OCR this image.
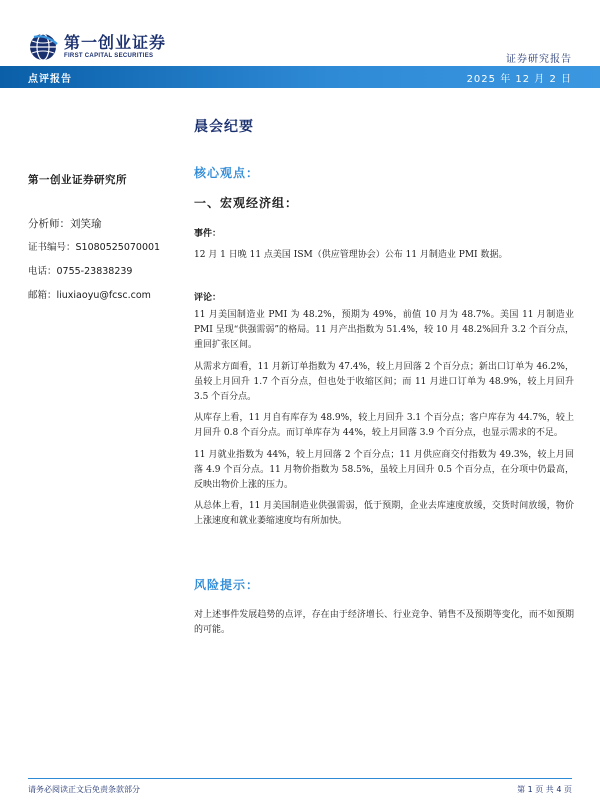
第一创业证券
FIRST CAPITAL SECURITIES	证券研究报告
点评报告	2025 年 12 月 2 日
第一创业证券研究所
分析师：刘笑瑜
证书编号：S1080525070001
电话：0755-23838239
邮箱：liuxiaoyu@fcsc.com
晨会纪要
核心观点：
一、宏观经济组：
事件：
12 月 1 日晚 11 点美国 ISM（供应管理协会）公布 11 月制造业 PMI 数据。
评论：

11 月美国制造业 PMI 为 48.2%，预期为 49%，前值 10 月为 48.7%。美国 11 月制造业 PMI 呈现“供强需弱”的格局。11 月产出指数为 51.4%，较 10 月 48.2%回升 3.2 个百分点，重回扩张区间。

从需求方面看，11 月新订单指数为 47.4%，较上月回落 2 个百分点；新出口订单为 46.2%，虽较上月回升 1.7 个百分点，但也处于收缩区间；而 11 月进口订单为 48.9%，较上月回升 3.5 个百分点。

从库存上看，11 月自有库存为 48.9%，较上月回升 3.1 个百分点；客户库存为 44.7%，较上月回升 0.8 个百分点。而订单库存为 44%，较上月回落 3.9 个百分点，也显示需求的不足。

11 月就业指数为 44%，较上月回落 2 个百分点；11 月供应商交付指数为 49.3%，较上月回落 4.9 个百分点。11 月物价指数为 58.5%，虽较上月回升 0.5 个百分点，在分项中仍最高，反映出物价上涨的压力。

从总体上看，11 月美国制造业供强需弱，低于预期，企业去库速度放缓，交货时间放缓，物价上涨速度和就业萎缩速度均有所加快。

风险提示：
对上述事件发展趋势的点评，存在由于经济增长、行业竞争、销售不及预期等变化，而不如预期的可能。
请务必阅读正文后免责条款部分	第 1 页 共 4 页
